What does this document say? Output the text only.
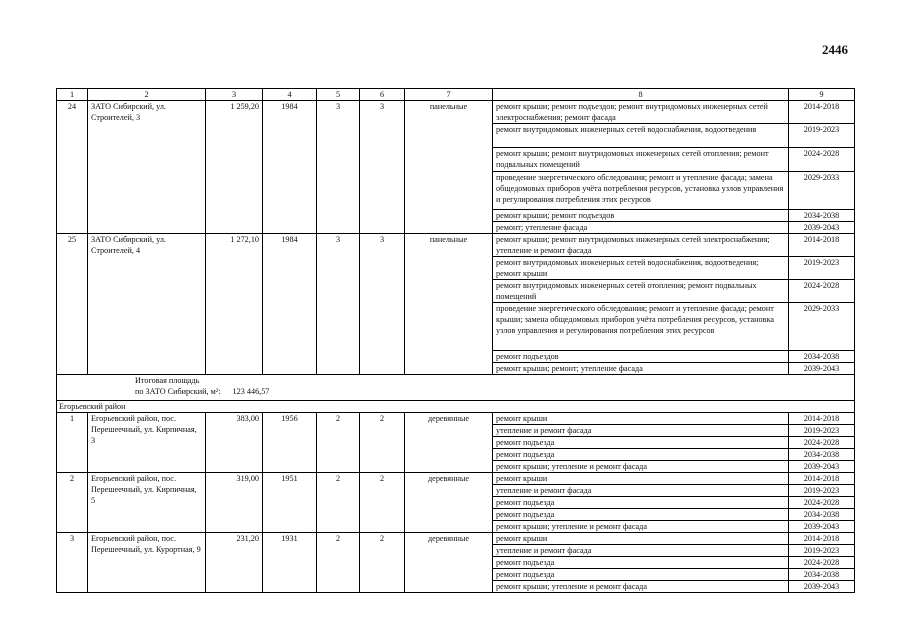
2446
1	2	3	4	5	6	7	8	9
24	ЗАТО Сибирский, ул. Строителей, 3	1 259,20	1984	3	3	панельные	ремонт крыши; ремонт подъездов; ремонт внутридомовых инженерных сетей электроснабжения; ремонт фасада	2014-2018
							ремонт внутридомовых инженерных сетей водоснабжения, водоотведения	2019-2023
							ремонт крыши; ремонт внутридомовых инженерных сетей отопления; ремонт подвальных помещений	2024-2028
							проведение энергетического обследования; ремонт и утепление фасада; замена общедомовых приборов учёта потребления ресурсов, установка узлов управления и регулирования потребления этих ресурсов	2029-2033
							ремонт крыши; ремонт подъездов	2034-2038
							ремонт; утепление фасада	2039-2043
25	ЗАТО Сибирский, ул. Строителей, 4	1 272,10	1984	3	3	панельные	ремонт крыши; ремонт внутридомовых инженерных сетей электроснабжения; утепление и ремонт фасада	2014-2018
							ремонт внутридомовых инженерных сетей водоснабжения, водоотведения; ремонт крыши	2019-2023
							ремонт внутридомовых инженерных сетей отопления; ремонт подвальных помещений	2024-2028
							проведение энергетического обследования; ремонт и утепление фасада; ремонт крыши; замена общедомовых приборов учёта потребления ресурсов, установка узлов управления и регулирования потребления этих ресурсов	2029-2033
							ремонт подъездов	2034-2038
							ремонт крыши; ремонт; утепление фасада	2039-2043

Итоговая площадь
по ЗАТО Сибирский, м²: 123 446,57								

Егорьевский район								
1	Егорьевский район, пос. Перешеечный, ул. Кирпичная, 3	383,00	1956	2	2	деревянные	ремонт крыши	2014-2018
							утепление и ремонт фасада	2019-2023
							ремонт подъезда	2024-2028
							ремонт подъезда	2034-2038
							ремонт крыши; утепление и ремонт фасада	2039-2043
2	Егорьевский район, пос. Перешеечный, ул. Кирпичная, 5	319,00	1951	2	2	деревянные	ремонт крыши	2014-2018
							утепление и ремонт фасада	2019-2023
							ремонт подъезда	2024-2028
							ремонт подъезда	2034-2038
							ремонт крыши; утепление и ремонт фасада	2039-2043
3	Егорьевский район, пос. Перешеечный, ул. Курортная, 9	231,20	1931	2	2	деревянные	ремонт крыши	2014-2018
							утепление и ремонт фасада	2019-2023
							ремонт подъезда	2024-2028
							ремонт подъезда	2034-2038
							ремонт крыши; утепление и ремонт фасада	2039-2043
